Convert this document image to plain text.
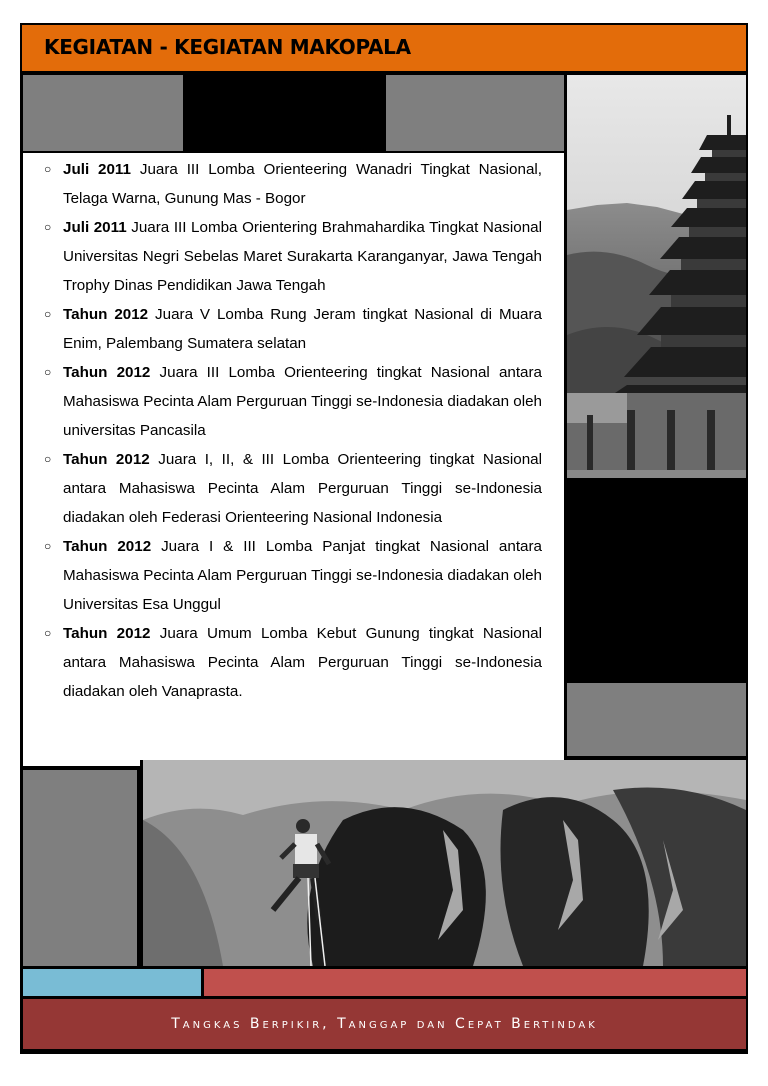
KEGIATAN - KEGIATAN MAKOPALA
Tangkas Berpikir, Tanggap dan Cepat Bertindak
○ Juli 2011 Juara III Lomba Orienteering Wanadri Tingkat Nasional, Telaga Warna, Gunung Mas - Bogor
○ Juli 2011 Juara III Lomba Orientering Brahmahardika Tingkat Nasional Universitas Negri Sebelas Maret Surakarta Karanganyar, Jawa Tengah Trophy Dinas Pendidikan Jawa Tengah
○ Tahun 2012 Juara V Lomba Rung Jeram tingkat Nasional di Muara Enim, Palembang Sumatera selatan
○ Tahun 2012 Juara III Lomba Orienteering tingkat Nasional antara Mahasiswa Pecinta Alam Perguruan Tinggi se-Indonesia diadakan oleh universitas Pancasila
○ Tahun 2012 Juara I, II, & III Lomba Orienteering tingkat Nasional antara Mahasiswa Pecinta Alam Perguruan Tinggi se-Indonesia diadakan oleh Federasi Orienteering Nasional Indonesia
○ Tahun 2012 Juara I & III Lomba Panjat tingkat Nasional antara Mahasiswa Pecinta Alam Perguruan Tinggi se-Indonesia diadakan oleh Universitas Esa Unggul
○ Tahun 2012 Juara Umum Lomba Kebut Gunung tingkat Nasional antara Mahasiswa Pecinta Alam Perguruan Tinggi se-Indonesia diadakan oleh Vanaprasta.
